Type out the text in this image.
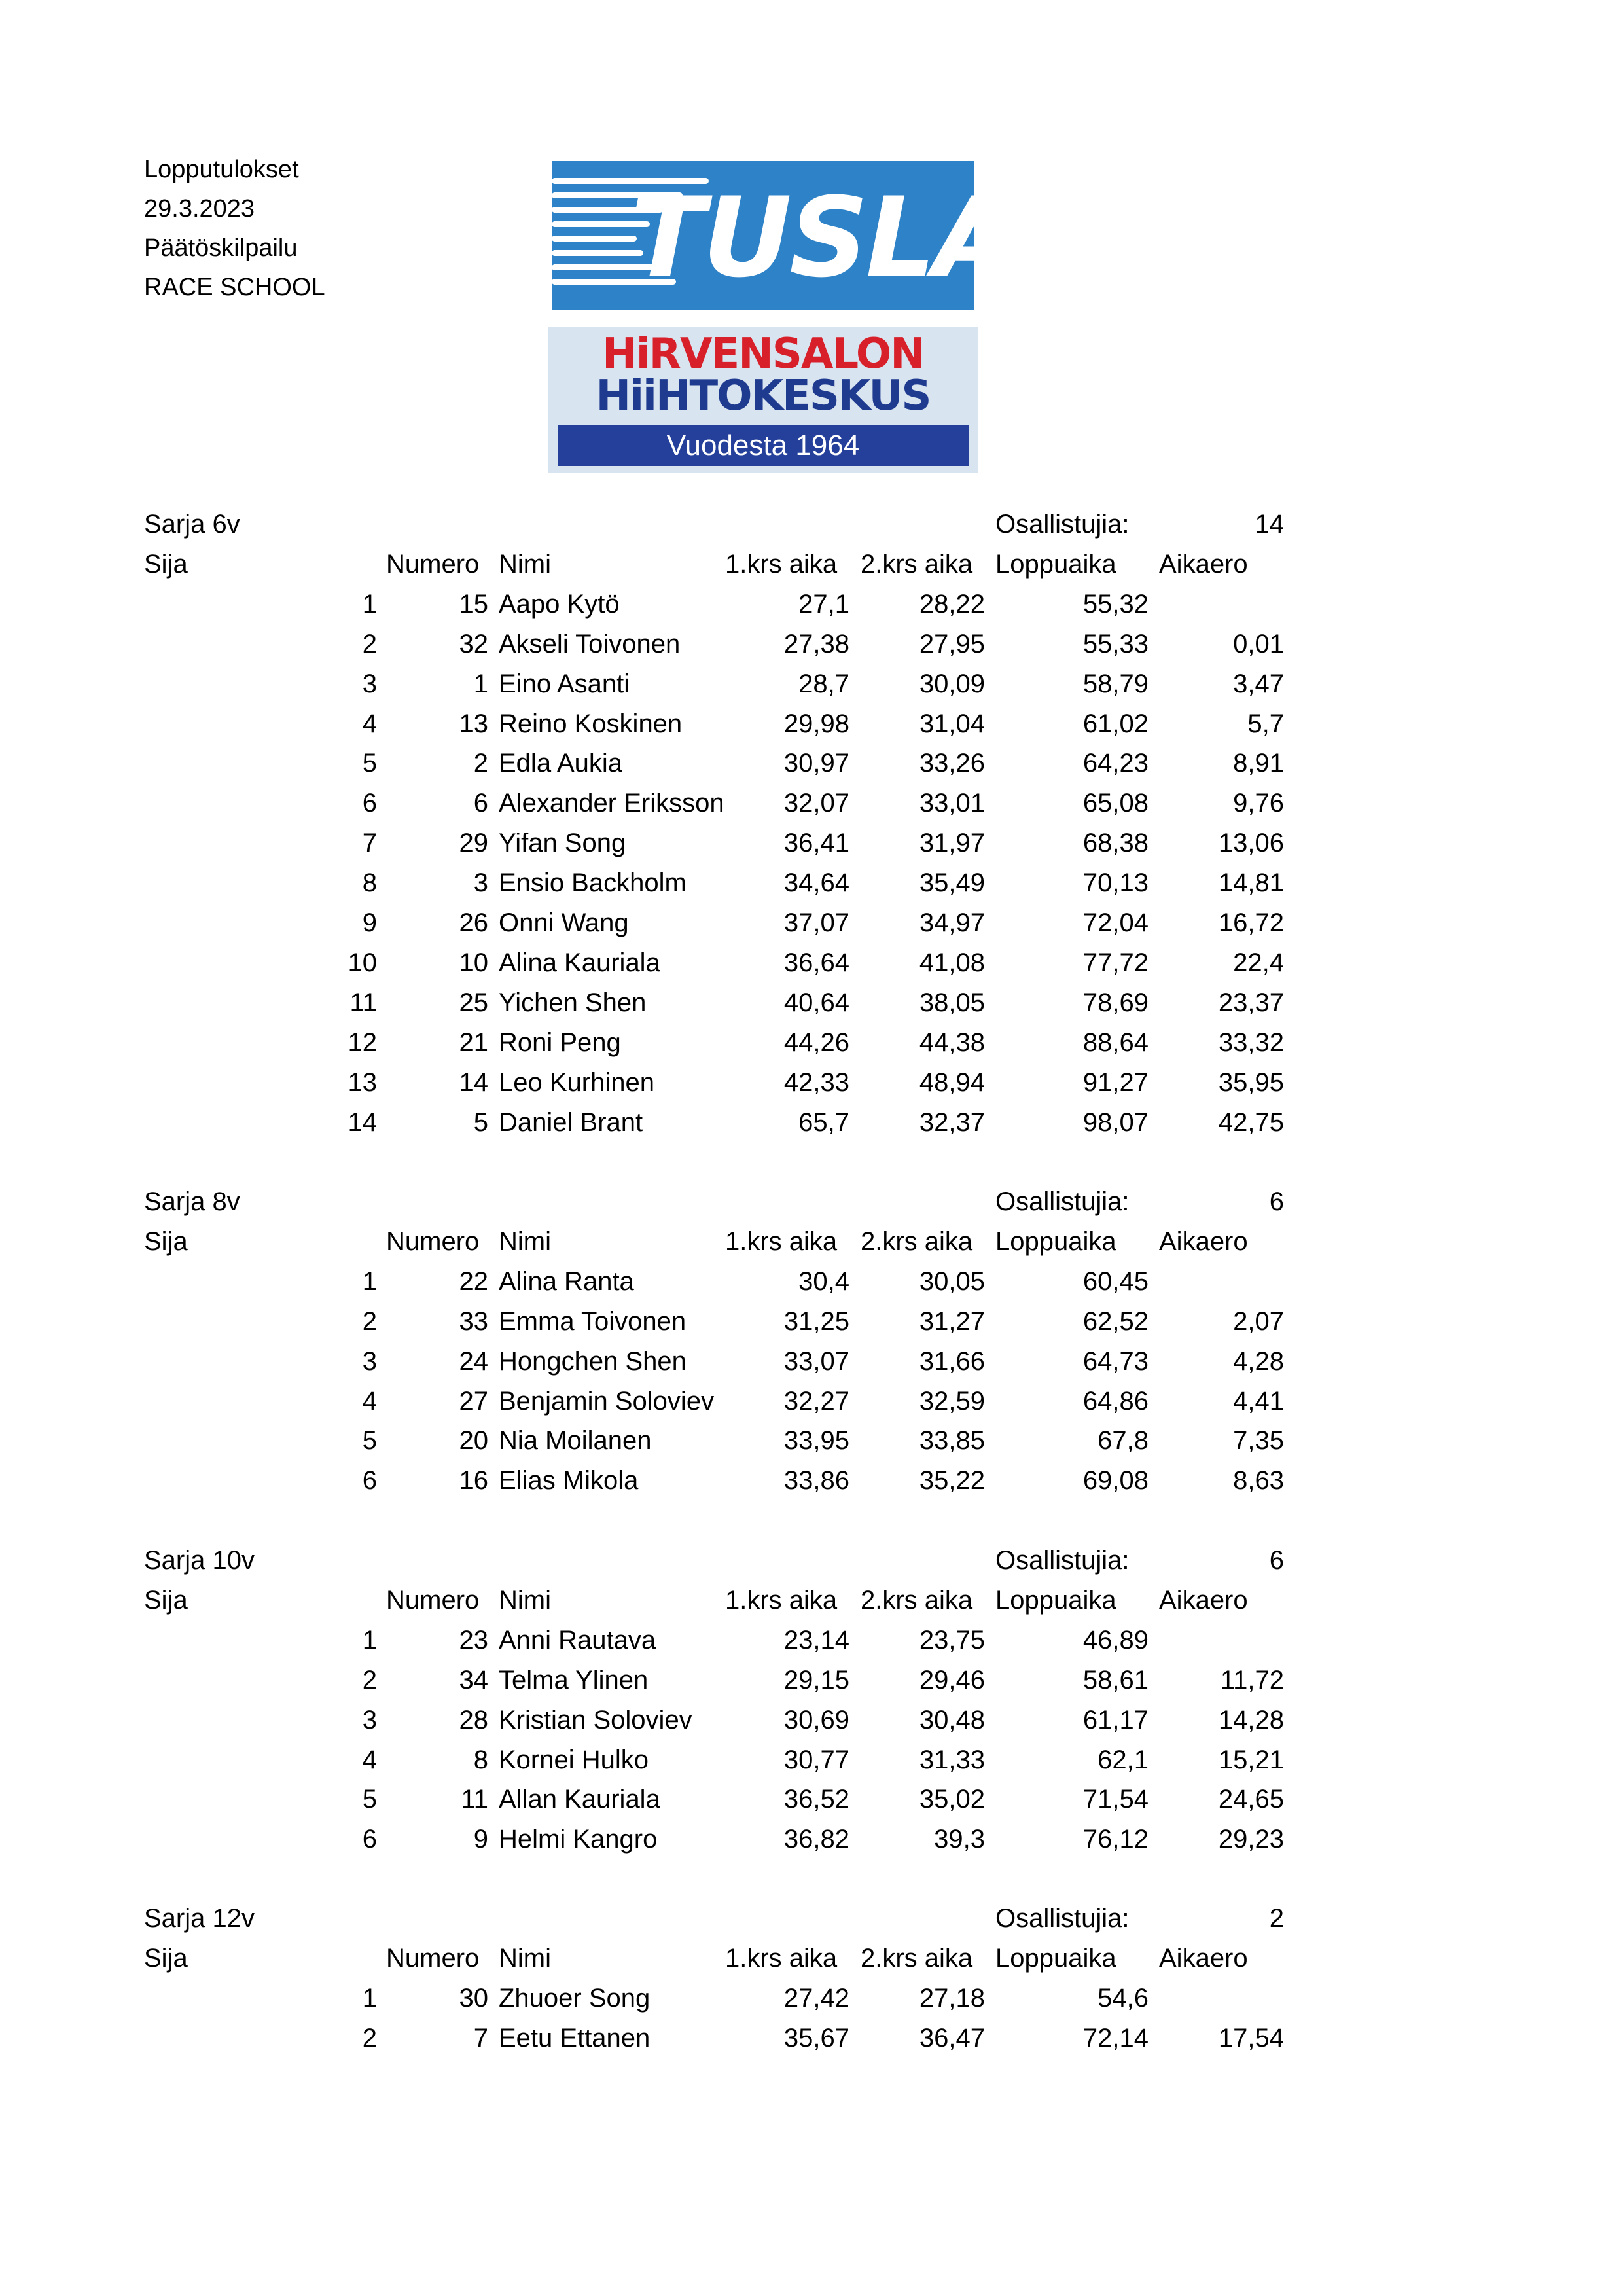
Lopputulokset
29.3.2023
Päätöskilpailu
RACE SCHOOL	TUSLA
HiRVENSALON
HiiHTOKESKUS
Vuodesta 1964
Sarja 6v	Osallistujia:	14
Sija	Numero Nimi	1.krs aika 2.krs aika Loppuaika Aikaero
1	15 Aapo Kytö	27,1	28,22	55,32
2	32 Akseli Toivonen	27,38	27,95	55,33	0,01
3	1 Eino Asanti	28,7	30,09	58,79	3,47
4	13 Reino Koskinen	29,98	31,04	61,02	5,7
5	2 Edla Aukia	30,97	33,26	64,23	8,91
6	6 Alexander Eriksson 32,07	33,01	65,08	9,76
7	29 Yifan Song	36,41	31,97	68,38	13,06
8	3 Ensio Backholm	34,64	35,49	70,13	14,81
9	26 Onni Wang	37,07	34,97	72,04	16,72
10	10 Alina Kauriala	36,64	41,08	77,72	22,4
11	25 Yichen Shen	40,64	38,05	78,69	23,37
12	21 Roni Peng	44,26	44,38	88,64	33,32
13	14 Leo Kurhinen	42,33	48,94	91,27	35,95
14	5 Daniel Brant	65,7	32,37	98,07	42,75
Sarja 8v	Osallistujia:	6
Sija	Numero Nimi	1.krs aika 2.krs aika Loppuaika Aikaero
1	22 Alina Ranta	30,4	30,05	60,45
2	33 Emma Toivonen	31,25	31,27	62,52	2,07
3	24 Hongchen Shen	33,07	31,66	64,73	4,28
4	27 Benjamin Soloviev	32,27	32,59	64,86	4,41
5	20 Nia Moilanen	33,95	33,85	67,8	7,35
6	16 Elias Mikola	33,86	35,22	69,08	8,63
Sarja 10v	Osallistujia:	6
Sija	Numero Nimi	1.krs aika 2.krs aika Loppuaika Aikaero
1	23 Anni Rautava	23,14	23,75	46,89
2	34 Telma Ylinen	29,15	29,46	58,61	11,72
3	28 Kristian Soloviev	30,69	30,48	61,17	14,28
4	8 Kornei Hulko	30,77	31,33	62,1	15,21
5	11 Allan Kauriala	36,52	35,02	71,54	24,65
6	9 Helmi Kangro	36,82	39,3	76,12	29,23
Sarja 12v	Osallistujia:	2
Sija	Numero Nimi	1.krs aika 2.krs aika Loppuaika Aikaero
1	30 Zhuoer Song	27,42	27,18	54,6
2	7 Eetu Ettanen	35,67	36,47	72,14	17,54
